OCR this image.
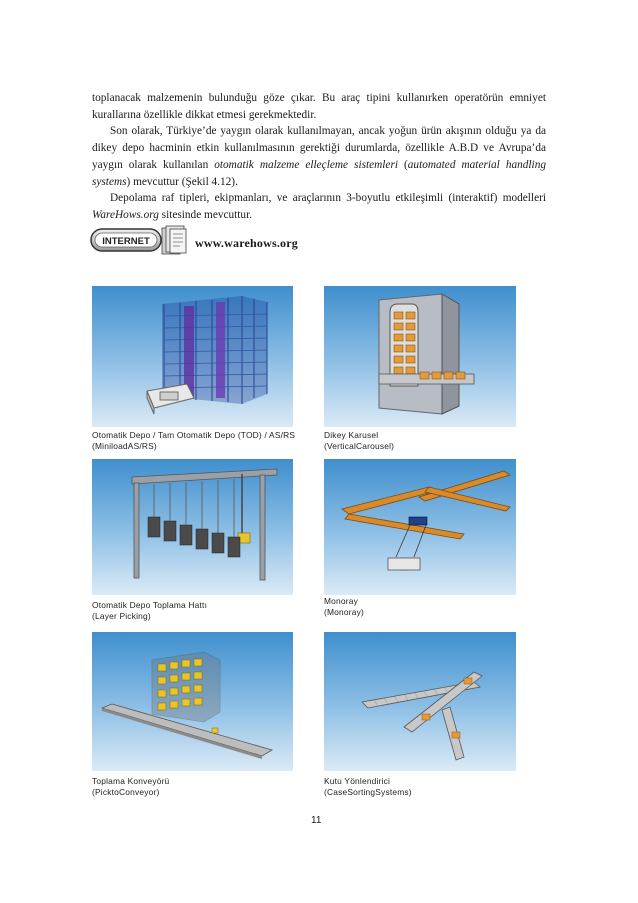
toplanacak malzemenin bulunduğu göze çıkar. Bu araç tipini kullanırken operatörün emniyet kurallarına özellikle dikkat etmesi gerekmektedir.

Son olarak, Türkiye’de yaygın olarak kullanılmayan, ancak yoğun ürün akışının olduğu ya da dikey depo hacminin etkin kullanılmasının gerektiği durumlarda, özellikle A.B.D ve Avrupa’da yaygın olarak kullanılan otomatik malzeme elleçleme sistemleri (automated material handling systems) mevcuttur (Şekil 4.12).

Depolama raf tipleri, ekipmanları, ve araçlarının 3-boyutlu etkileşimli (interaktif) modelleri WareHows.org sitesinde mevcuttur.

INTERNET	www.warehows.org
Otomatik Depo / Tam Otomatik Depo (TOD) / AS/RS
(MiniloadAS/RS)
Dikey Karusel
(VerticalCarousel)
Otomatik Depo Toplama Hattı
(Layer Picking)
Monoray
(Monoray)
Toplama Konveyörü
(PicktoConveyor)
Kutu Yönlendirici
(CaseSortingSystems)
11
